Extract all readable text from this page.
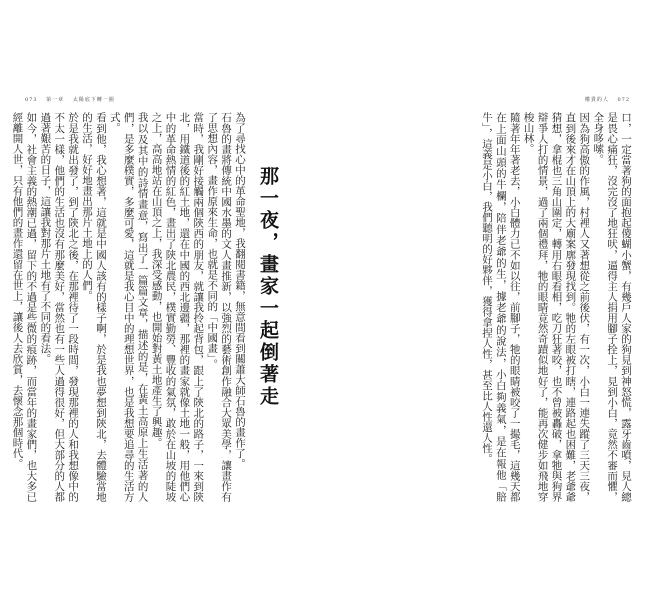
073 第一章 太陽底下轉一圈	權貴的人 072

口，一定當著狗的面抱起傻蝴小蟹，有幾戶人家的狗見到神怒慌，露牙齒噴，見人總是畏心痛狂，沒完沒了地狂吠，逼得主人捐用腳子拴上，見到小白，竟然不審而懼，全身哆嗦。

因為狗高傲的作風，村裡人又著想從之前後伏，有一次，小白一連失蹤了三天三夜，直到後來才在山頂上的大廟案廓發現找到。牠的左眼被打瞎，連路起也困難，老爺爺猜想，拿棍也三角山圍定，轉用右眼看相，吃刀狂著咬，也不曾被轟破，拿牠與狗界辯爭人打的情景，過了兩個禮拜，牠的眼睛竟然奇蹟似地好了，能再次健步如飛地穿梭山林。

隨著年年著老去，小白體力已不如以往，前腳子，牠的眼睛被咬了一撮毛，這幾天都在上面山頭的牛欄，陪伴老爺的生，據老爺的說法，小白夠義氣，是在報他「賠牛」，這義是小白，我們聽明的好夥伴，獲得拿捏人性，甚至比人性還人性。

那一夜，畫家一起倒著走

為了尋找心中的革命聖地，我翻閱書籍，無意間看到關蕭大師石魯的畫作了。

石魯的畫將傳統中國水墨的文人畫推新，以強烈的藝術創作融合大眾美學，讓畫作有了思想內容，畫作原來生命，也就是不同的「中國畫」。

當時，我剛好接觸兩個陝西的朋友，就讓我拎起背包，跟上了陝北的路子，一來到陝北，用鐵道後的紅土地，還在中國的西北邊疆，那裡的畫家就像土地一般，用他們心中的革命熱情的紅色，畫出了陝北農民，樸實勤勞、豐收的氣氛，敢於在山坡的陡坡之上，高高地站在山頂之上，我深受感動，也開始對黃土地產生了興趣。

我以及其中的詩情畫意，寫出了一篇篇文章，描述的是，在黃土高原上生活著的人們，是多麼樸實，多麼可愛，這就是我心目中的理想世界，也是我想要追尋的生活方式。

看到他，我心想著，這就是中國人該有的樣子啊，於是我也夢想到陝北，去體驗當地的生活，好好地畫出那片土地上的人們。

於是我就出發了，到了陝北之後，在那裡待了一段時間，發現那裡的人和我想像中的不太一樣，他們的生活也沒有那麼美好，當然也有一些人過得很好，但大部分的人都過著艱苦的日子，這讓我對那片土地有了不同的看法。

如今，社會主義的熱潮已過，留下的不過是些微的痕跡，而當年的畫家們，也大多已經離開人世，只有他們的畫作還留在世上，讓後人去欣賞，去懷念那個時代。
